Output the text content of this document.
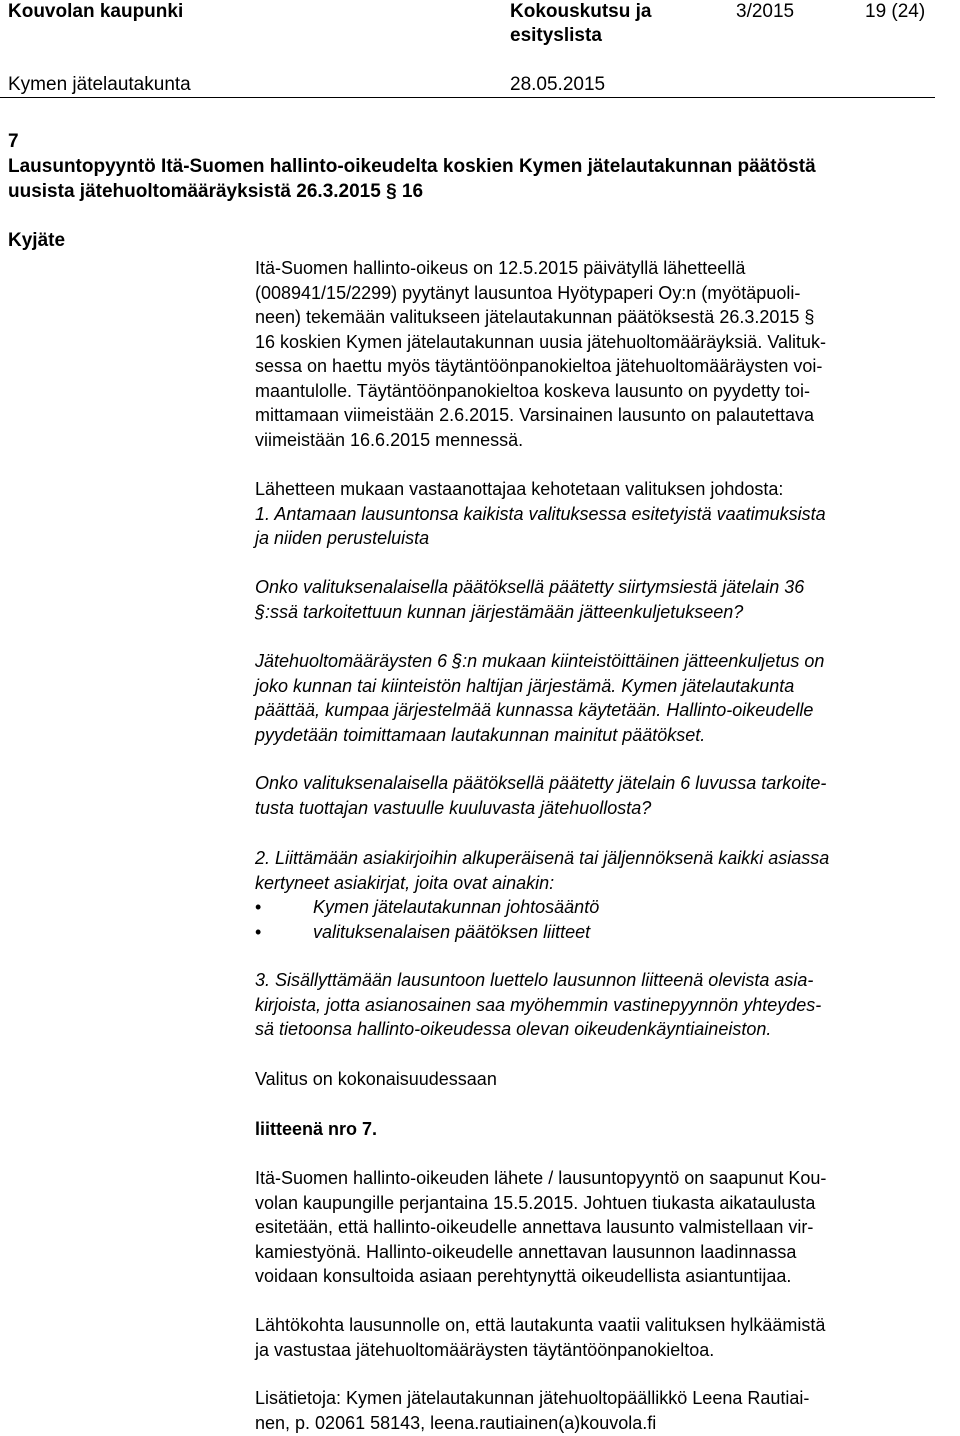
Kouvolan kaupunki	Kokouskutsu ja
esityslista
3/2015	19 (24)
Kymen jätelautakunta	28.05.2015
7
Lausuntopyyntö Itä-Suomen hallinto-oikeudelta koskien Kymen jätelautakunnan päätöstä
uusista jätehuoltomääräyksistä 26.3.2015 § 16
Kyjäte
Itä-Suomen hallinto-oikeus on 12.5.2015 päivätyllä lähetteellä
(008941/15/2299) pyytänyt lausuntoa Hyötypaperi Oy:n (myötäpuoli-
neen) tekemään valitukseen jätelautakunnan päätöksestä 26.3.2015 §
16 koskien Kymen jätelautakunnan uusia jätehuoltomääräyksiä. Valituk-
sessa on haettu myös täytäntöönpanokieltoa jätehuoltomääräysten voi-
maantulolle. Täytäntöönpanokieltoa koskeva lausunto on pyydetty toi-
mittamaan viimeistään 2.6.2015. Varsinainen lausunto on palautettava
viimeistään 16.6.2015 mennessä.
Lähetteen mukaan vastaanottajaa kehotetaan valituksen johdosta:
1. Antamaan lausuntonsa kaikista valituksessa esitetyistä vaatimuksista
ja niiden perusteluista
Onko valituksenalaisella päätöksellä päätetty siirtymsiestä jätelain 36
§:ssä tarkoitettuun kunnan järjestämään jätteenkuljetukseen?
Jätehuoltomääräysten 6 §:n mukaan kiinteistöittäinen jätteenkuljetus on
joko kunnan tai kiinteistön haltijan järjestämä. Kymen jätelautakunta
päättää, kumpaa järjestelmää kunnassa käytetään. Hallinto-oikeudelle
pyydetään toimittamaan lautakunnan mainitut päätökset.
Onko valituksenalaisella päätöksellä päätetty jätelain 6 luvussa tarkoite-
tusta tuottajan vastuulle kuuluvasta jätehuollosta?
2. Liittämään asiakirjoihin alkuperäisenä tai jäljennöksenä kaikki asiassa
kertyneet asiakirjat, joita ovat ainakin:
•	Kymen jätelautakunnan johtosääntö
•	valituksenalaisen päätöksen liitteet
3. Sisällyttämään lausuntoon luettelo lausunnon liitteenä olevista asia-
kirjoista, jotta asianosainen saa myöhemmin vastinepyynnön yhteydes-
sä tietoonsa hallinto-oikeudessa olevan oikeudenkäyntiaineiston.
Valitus on kokonaisuudessaan
liitteenä nro 7.
Itä-Suomen hallinto-oikeuden lähete / lausuntopyyntö on saapunut Kou-
volan kaupungille perjantaina 15.5.2015. Johtuen tiukasta aikataulusta
esitetään, että hallinto-oikeudelle annettava lausunto valmistellaan vir-
kamiestyönä. Hallinto-oikeudelle annettavan lausunnon laadinnassa
voidaan konsultoida asiaan perehtynyttä oikeudellista asiantuntijaa.
Lähtökohta lausunnolle on, että lautakunta vaatii valituksen hylkäämistä
ja vastustaa jätehuoltomääräysten täytäntöönpanokieltoa.
Lisätietoja: Kymen jätelautakunnan jätehuoltopäällikkö Leena Rautiai-
nen, p. 02061 58143, leena.rautiainen(a)kouvola.fi
